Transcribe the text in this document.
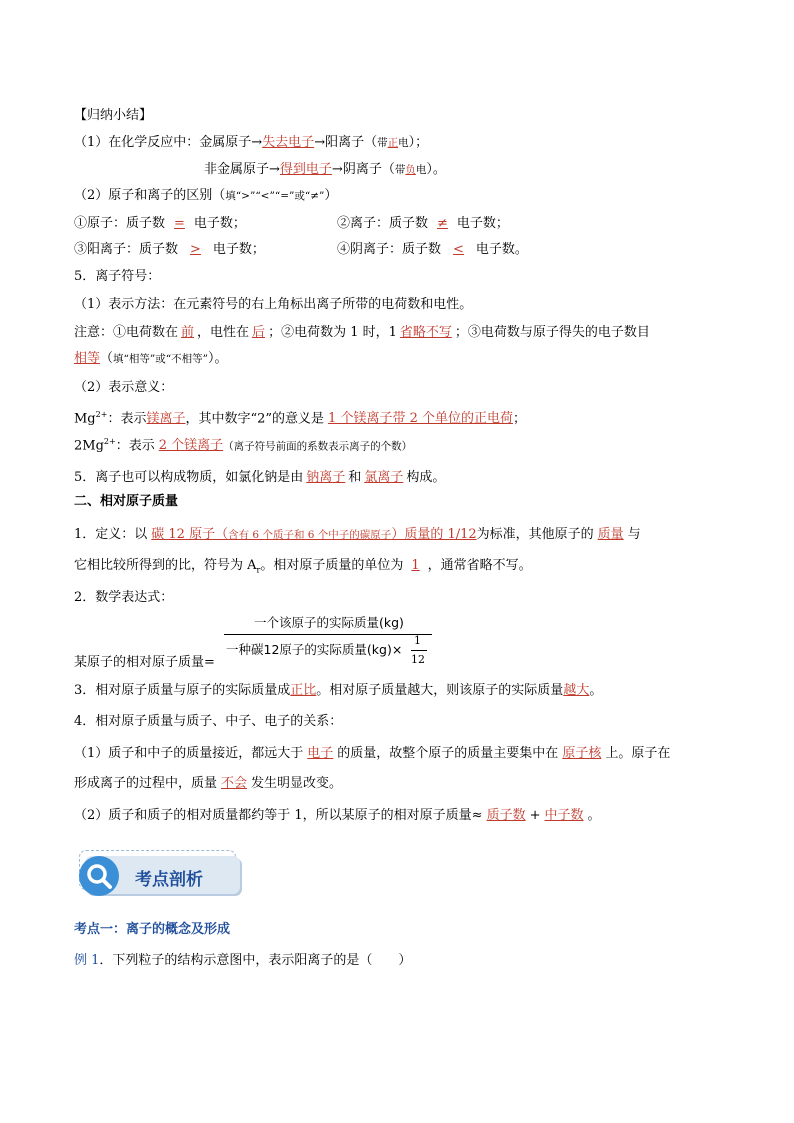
【归纳小结】
（1）在化学反应中：金属原子→失去电子→阳离子（带正电）；
非金属原子→得到电子→阴离子（带负电）。
（2）原子和离子的区别（填“>”“<”“=”或“≠”）
①原子：质子数 = 电子数；	②离子：质子数 ≠ 电子数；
③阳离子：质子数 > 电子数；	④阴离子：质子数 < 电子数。
5．离子符号：
（1）表示方法：在元素符号的右上角标出离子所带的电荷数和电性。
注意：①电荷数在 前 ，电性在 后 ；②电荷数为 1 时，1 省略不写 ；③电荷数与原子得失的电子数目
相等（填“相等”或“不相等”）。
（2）表示意义：
$Mg^{2+}$：表示镁离子，其中数字“2”的意义是 1 个镁离子带 2 个单位的正电荷；
$2Mg^{2+}$：表示 2 个镁离子（离子符号前面的系数表示离子的个数）
5．离子也可以构成物质，如氯化钠是由 钠离子 和 氯离子 构成。
二、相对原子质量
1．定义：以 碳 12 原子（含有 6 个质子和 6 个中子的碳原子）质量的 1/12为标准，其他原子的 质量 与
它相比较所得到的比，符号为 $A_r$。相对原子质量的单位为 1 ，通常省略不写。
2．数学表达式：
某原子的相对原子质量=
一个该原子的实际质量(kg)
一种碳12原子的实际质量(kg)×
1
12
3．相对原子质量与原子的实际质量成正比。相对原子质量越大，则该原子的实际质量越大。
4．相对原子质量与质子、中子、电子的关系：
（1）质子和中子的质量接近，都远大于 电子 的质量，故整个原子的质量主要集中在 原子核 上。原子在
形成离子的过程中，质量 不会 发生明显改变。
（2）质子和质子的相对质量都约等于 1，所以某原子的相对原子质量≈ 质子数 + 中子数 。
考点剖析
考点一：离子的概念及形成
例 1．下列粒子的结构示意图中，表示阳离子的是（　　）
